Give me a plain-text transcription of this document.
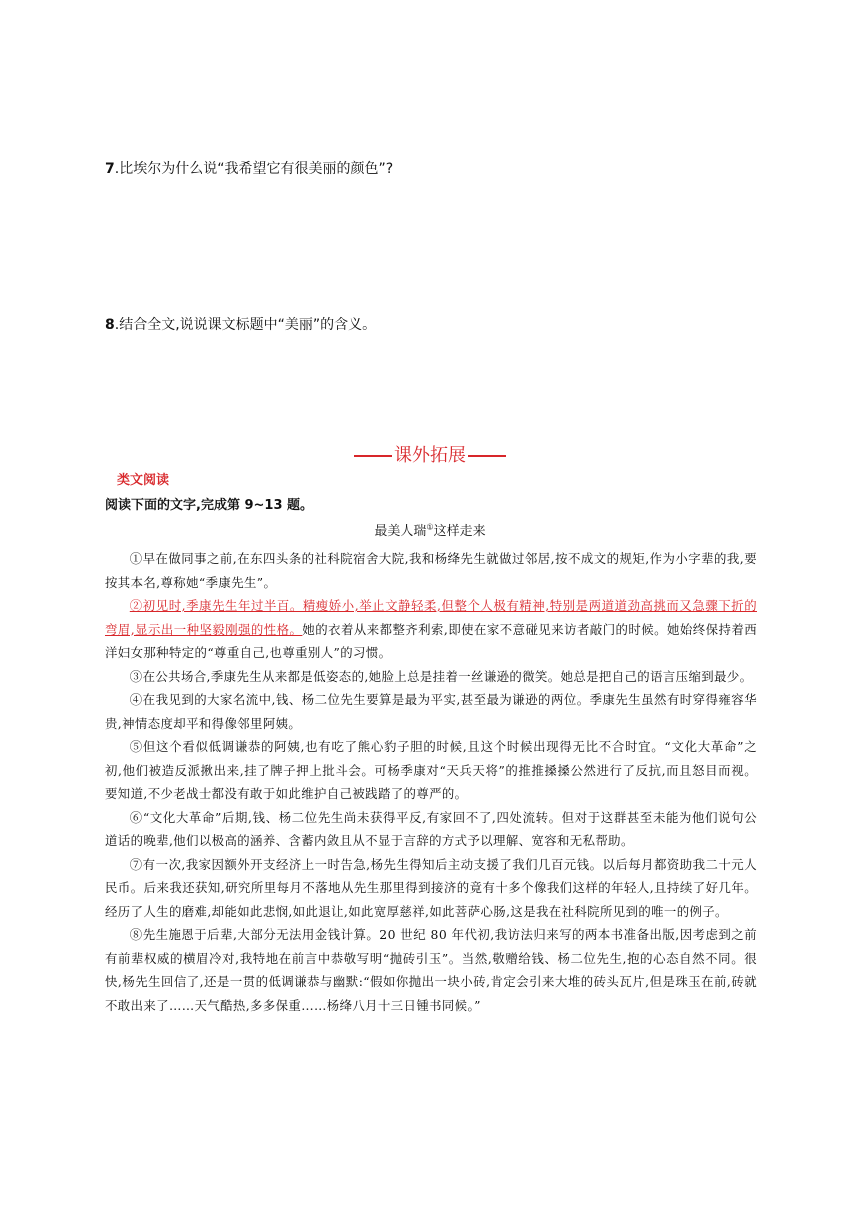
7.比埃尔为什么说“我希望它有很美丽的颜色”?
8.结合全文,说说课文标题中“美丽”的含义。
课外拓展
类文阅读
阅读下面的文字,完成第 9~13 题。
最美人瑞①这样走来

①早在做同事之前,在东四头条的社科院宿舍大院,我和杨绛先生就做过邻居,按不成文的规矩,作为小字辈的我,要按其本名,尊称她“季康先生”。

②初见时,季康先生年过半百。精瘦娇小,举止文静轻柔,但整个人极有精神,特别是两道道劲高挑而又急骤下折的弯眉,显示出一种坚毅刚强的性格。她的衣着从来都整齐利索,即使在家不意碰见来访者敲门的时候。她始终保持着西洋妇女那种特定的“尊重自己,也尊重别人”的习惯。

③在公共场合,季康先生从来都是低姿态的,她脸上总是挂着一丝谦逊的微笑。她总是把自己的语言压缩到最少。

④在我见到的大家名流中,钱、杨二位先生要算是最为平实,甚至最为谦逊的两位。季康先生虽然有时穿得雍容华贵,神情态度却平和得像邻里阿姨。

⑤但这个看似低调谦恭的阿姨,也有吃了熊心豹子胆的时候,且这个时候出现得无比不合时宜。“文化大革命”之初,他们被造反派揪出来,挂了牌子押上批斗会。可杨季康对“天兵天将”的推推搡搡公然进行了反抗,而且怒目而视。要知道,不少老战士都没有敢于如此维护自己被践踏了的尊严的。

⑥“文化大革命”后期,钱、杨二位先生尚未获得平反,有家回不了,四处流转。但对于这群甚至未能为他们说句公道话的晚辈,他们以极高的涵养、含蓄内敛且从不显于言辞的方式予以理解、宽容和无私帮助。

⑦有一次,我家因额外开支经济上一时告急,杨先生得知后主动支援了我们几百元钱。以后每月都资助我二十元人民币。后来我还获知,研究所里每月不落地从先生那里得到接济的竟有十多个像我们这样的年轻人,且持续了好几年。经历了人生的磨难,却能如此悲悯,如此退让,如此宽厚慈祥,如此菩萨心肠,这是我在社科院所见到的唯一的例子。

⑧先生施恩于后辈,大部分无法用金钱计算。20 世纪 80 年代初,我访法归来写的两本书准备出版,因考虑到之前有前辈权威的横眉冷对,我特地在前言中恭敬写明“抛砖引玉”。当然,敬赠给钱、杨二位先生,抱的心态自然不同。很快,杨先生回信了,还是一贯的低调谦恭与幽默:“假如你抛出一块小砖,肯定会引来大堆的砖头瓦片,但是珠玉在前,砖就不敢出来了……天气酷热,多多保重……杨绛八月十三日锺书同候。”
